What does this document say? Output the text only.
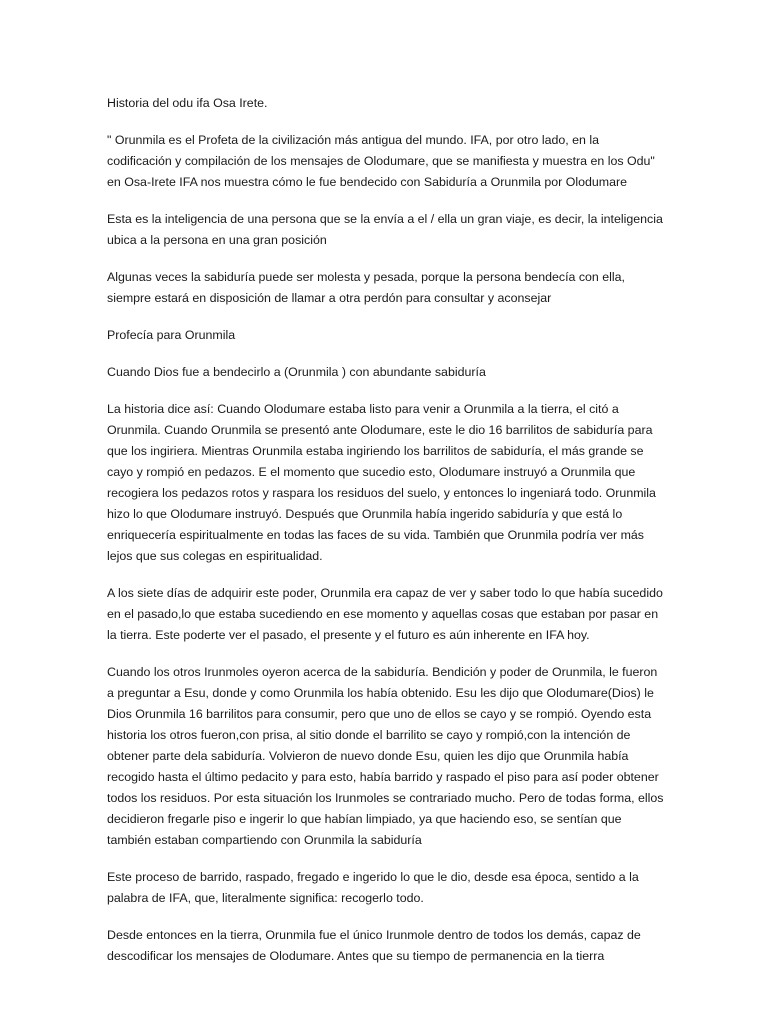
Historia del odu ifa Osa Irete.

" Orunmila es el Profeta de la civilización más antigua del mundo. IFA, por otro lado, en la codificación y compilación de los mensajes de Olodumare, que se manifiesta y muestra en los Odu" en Osa-Irete IFA nos muestra cómo le fue bendecido con Sabiduría a Orunmila por Olodumare

Esta es la inteligencia de una persona que se la envía a el / ella un gran viaje, es decir, la inteligencia ubica a la persona en una gran posición

Algunas veces la sabiduría puede ser molesta y pesada, porque la persona bendecía con ella, siempre estará en disposición de llamar a otra perdón para consultar y aconsejar

Profecía para Orunmila

Cuando Dios fue a bendecirlo a (Orunmila ) con abundante sabiduría

La historia dice así: Cuando Olodumare estaba listo para venir a Orunmila a la tierra, el citó a Orunmila. Cuando Orunmila se presentó ante Olodumare, este le dio 16 barrilitos de sabiduría para que los ingiriera. Mientras Orunmila estaba ingiriendo los barrilitos de sabiduría, el más grande se cayo y rompió en pedazos. E el momento que sucedio esto, Olodumare instruyó a Orunmila que recogiera los pedazos rotos y raspara los residuos del suelo, y entonces lo ingeniará todo. Orunmila hizo lo que Olodumare instruyó. Después que Orunmila había ingerido sabiduría y que está lo enriquecería espiritualmente en todas las faces de su vida. También que Orunmila podría ver más lejos que sus colegas en espiritualidad.

A los siete días de adquirir este poder, Orunmila era capaz de ver y saber todo lo que había sucedido en el pasado,lo que estaba sucediendo en ese momento y aquellas cosas que estaban por pasar en la tierra. Este poderte ver el pasado, el presente y el futuro es aún inherente en IFA hoy.

Cuando los otros Irunmoles oyeron acerca de la sabiduría. Bendición y poder de Orunmila, le fueron a preguntar a Esu, donde y como Orunmila los había obtenido. Esu les dijo que Olodumare(Dios) le Dios Orunmila 16 barrilitos para consumir, pero que uno de ellos se cayo y se rompió. Oyendo esta historia los otros fueron,con prisa, al sitio donde el barrilito se cayo y rompió,con la intención de obtener parte dela sabiduría. Volvieron de nuevo donde Esu, quien les dijo que Orunmila había recogido hasta el último pedacito y para esto, había barrido y raspado el piso para así poder obtener todos los residuos. Por esta situación los Irunmoles se contrariado mucho. Pero de todas forma, ellos decidieron fregarle piso e ingerir lo que habían limpiado, ya que haciendo eso, se sentían que también estaban compartiendo con Orunmila la sabiduría

Este proceso de barrido, raspado, fregado e ingerido lo que le dio, desde esa época, sentido a la palabra de IFA, que, literalmente significa: recogerlo todo.

Desde entonces en la tierra, Orunmila fue el único Irunmole dentro de todos los demás, capaz de descodificar los mensajes de Olodumare. Antes que su tiempo de permanencia en la tierra
